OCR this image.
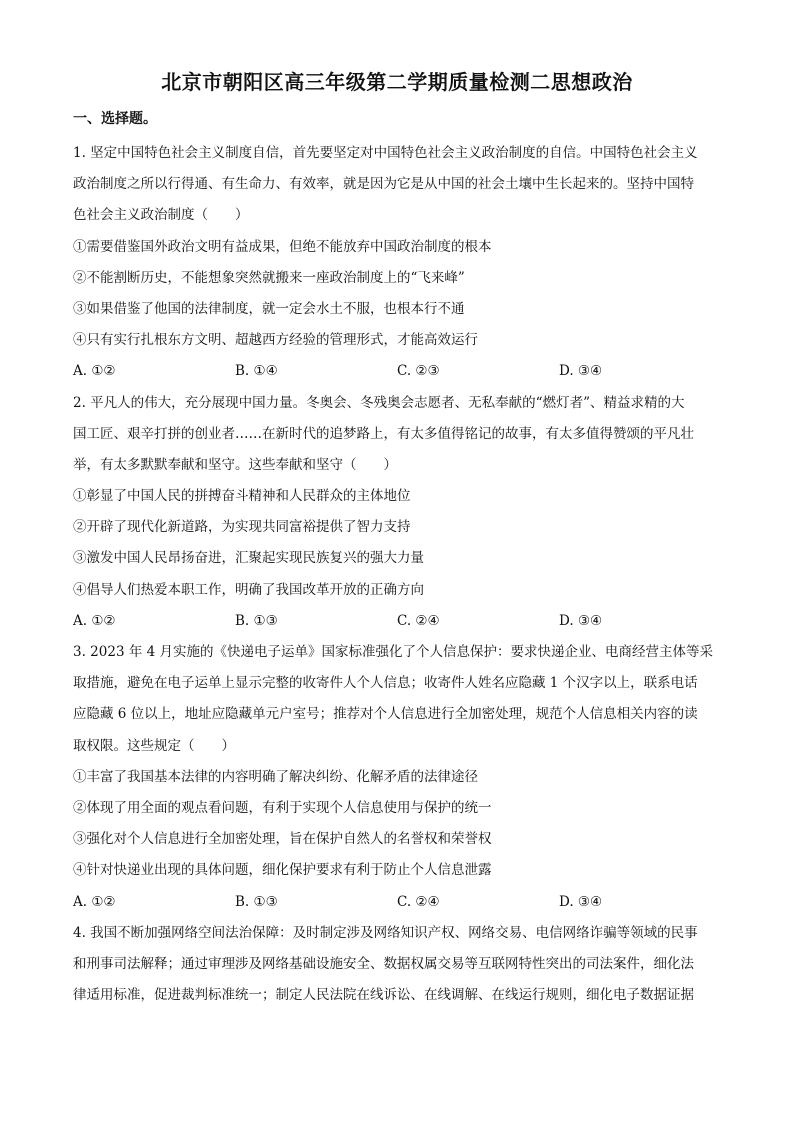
北京市朝阳区高三年级第二学期质量检测二思想政治
一、选择题。
1. 坚定中国特色社会主义制度自信，首先要坚定对中国特色社会主义政治制度的自信。中国特色社会主义
政治制度之所以行得通、有生命力、有效率，就是因为它是从中国的社会土壤中生长起来的。坚持中国特
色社会主义政治制度（　　）
①需要借鉴国外政治文明有益成果，但绝不能放弃中国政治制度的根本
②不能割断历史，不能想象突然就搬来一座政治制度上的“飞来峰”
③如果借鉴了他国的法律制度，就一定会水土不服，也根本行不通
④只有实行扎根东方文明、超越西方经验的管理形式，才能高效运行
A. ①②	B. ①④	C. ②③	D. ③④
2. 平凡人的伟大，充分展现中国力量。冬奥会、冬残奥会志愿者、无私奉献的“燃灯者”、精益求精的大
国工匠、艰辛打拼的创业者……在新时代的追梦路上，有太多值得铭记的故事，有太多值得赞颂的平凡壮
举，有太多默默奉献和坚守。这些奉献和坚守（　　）
①彰显了中国人民的拼搏奋斗精神和人民群众的主体地位
②开辟了现代化新道路，为实现共同富裕提供了智力支持
③激发中国人民昂扬奋进，汇聚起实现民族复兴的强大力量
④倡导人们热爱本职工作，明确了我国改革开放的正确方向
A. ①②	B. ①③	C. ②④	D. ③④
3. 2023 年 4 月实施的《快递电子运单》国家标准强化了个人信息保护：要求快递企业、电商经营主体等采
取措施，避免在电子运单上显示完整的收寄件人个人信息；收寄件人姓名应隐藏 1 个汉字以上，联系电话
应隐藏 6 位以上，地址应隐藏单元户室号；推荐对个人信息进行全加密处理，规范个人信息相关内容的读
取权限。这些规定（　　）
①丰富了我国基本法律的内容明确了解决纠纷、化解矛盾的法律途径
②体现了用全面的观点看问题，有利于实现个人信息使用与保护的统一
③强化对个人信息进行全加密处理，旨在保护自然人的名誉权和荣誉权
④针对快递业出现的具体问题，细化保护要求有利于防止个人信息泄露
A. ①②	B. ①③	C. ②④	D. ③④
4. 我国不断加强网络空间法治保障：及时制定涉及网络知识产权、网络交易、电信网络诈骗等领域的民事
和刑事司法解释；通过审理涉及网络基础设施安全、数据权属交易等互联网特性突出的司法案件，细化法
律适用标准，促进裁判标准统一；制定人民法院在线诉讼、在线调解、在线运行规则，细化电子数据证据
